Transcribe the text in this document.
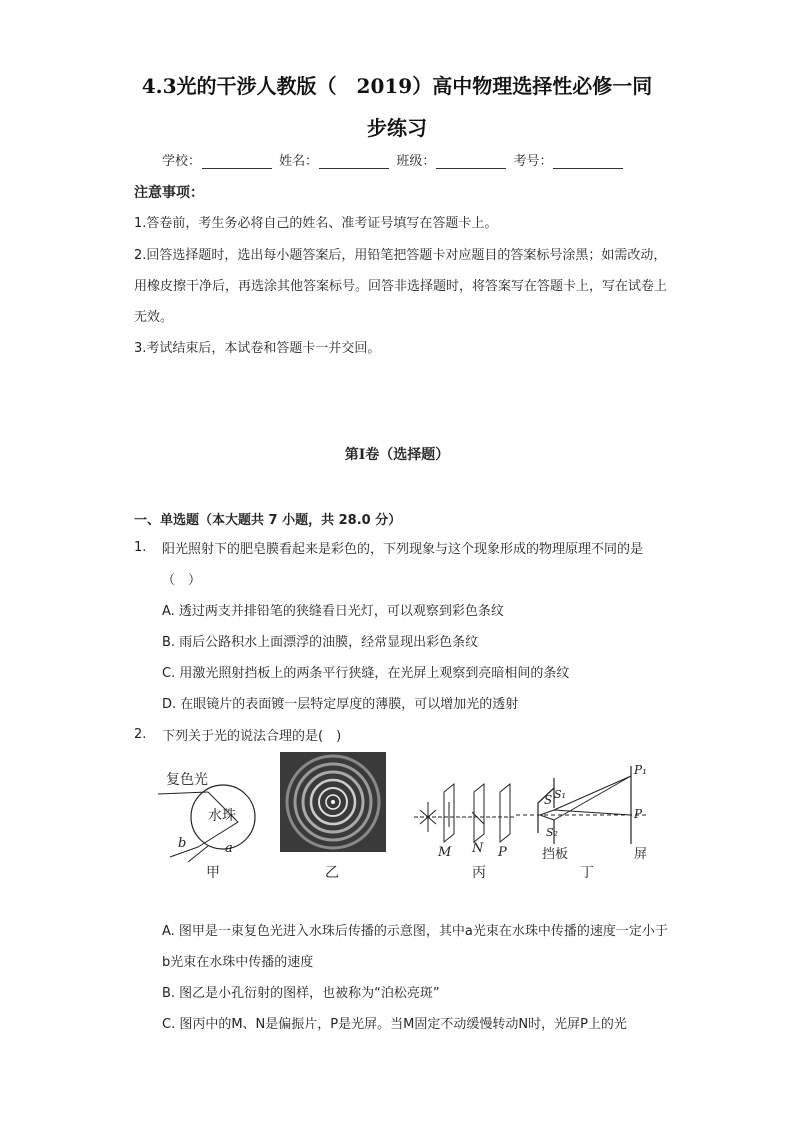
4.3光的干涉人教版（　2019）高中物理选择性必修一同
步练习
学校：	姓名：	班级：	考号：
注意事项：
1.答卷前，考生务必将自己的姓名、准考证号填写在答题卡上。
2.回答选择题时，选出每小题答案后，用铅笔把答题卡对应题目的答案标号涂黑；如需改动，用橡皮擦干净后，再选涂其他答案标号。回答非选择题时，将答案写在答题卡上，写在试卷上无效。
3.考试结束后，本试卷和答题卡一并交回。
第I卷（选择题）
一、单选题（本大题共 7 小题，共 28.0 分）
1. 阳光照射下的肥皂膜看起来是彩色的，下列现象与这个现象形成的物理原理不同的是（　）
A. 透过两支并排铅笔的狭缝看日光灯，可以观察到彩色条纹
B. 雨后公路积水上面漂浮的油膜，经常显现出彩色条纹
C. 用激光照射挡板上的两条平行狭缝，在光屏上观察到亮暗相间的条纹
D. 在眼镜片的表面镀一层特定厚度的薄膜，可以增加光的透射
2. 下列关于光的说法合理的是(　)
复色光
水珠
b	a
甲	乙
M N P
丙
S S₁
S₂
P₁
P
挡板	屏
丁
A. 图甲是一束复色光进入水珠后传播的示意图，其中a光束在水珠中传播的速度一定小于b光束在水珠中传播的速度
B. 图乙是小孔衍射的图样，也被称为“泊松亮斑”
C. 图丙中的M、N是偏振片，P是光屏。当M固定不动缓慢转动N时，光屏P上的光
